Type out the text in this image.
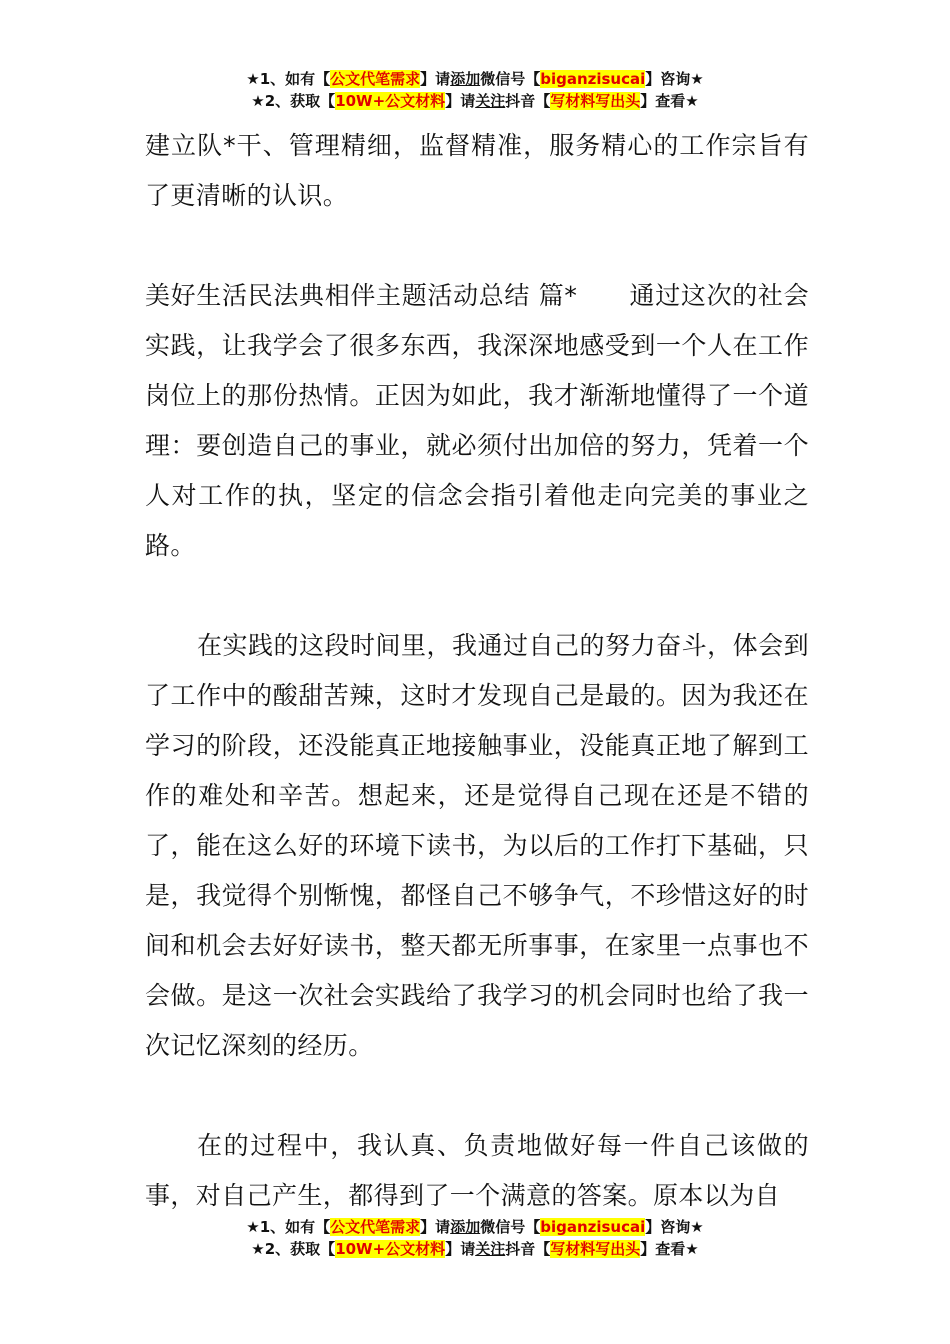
★1、如有【公文代笔需求】请添加微信号【biganzisucai】咨询★
★2、获取【10W+公文材料】请关注抖音【写材料写出头】查看★

建立队*干、管理精细，监督精准，服务精心的工作宗旨有了更清晰的认识。

美好生活民法典相伴主题活动总结 篇* 通过这次的社会实践，让我学会了很多东西，我深深地感受到一个人在工作岗位上的那份热情。正因为如此，我才渐渐地懂得了一个道理：要创造自己的事业，就必须付出加倍的努力，凭着一个人对工作的执，坚定的信念会指引着他走向完美的事业之路。

在实践的这段时间里，我通过自己的努力奋斗，体会到了工作中的酸甜苦辣，这时才发现自己是最的。因为我还在学习的阶段，还没能真正地接触事业，没能真正地了解到工作的难处和辛苦。想起来，还是觉得自己现在还是不错的了，能在这么好的环境下读书，为以后的工作打下基础，只是，我觉得个别惭愧，都怪自己不够争气，不珍惜这好的时间和机会去好好读书，整天都无所事事，在家里一点事也不会做。是这一次社会实践给了我学习的机会同时也给了我一次记忆深刻的经历。

在的过程中，我认真、负责地做好每一件自己该做的事，对自己产生，都得到了一个满意的答案。原本以为自

★1、如有【公文代笔需求】请添加微信号【biganzisucai】咨询★
★2、获取【10W+公文材料】请关注抖音【写材料写出头】查看★
